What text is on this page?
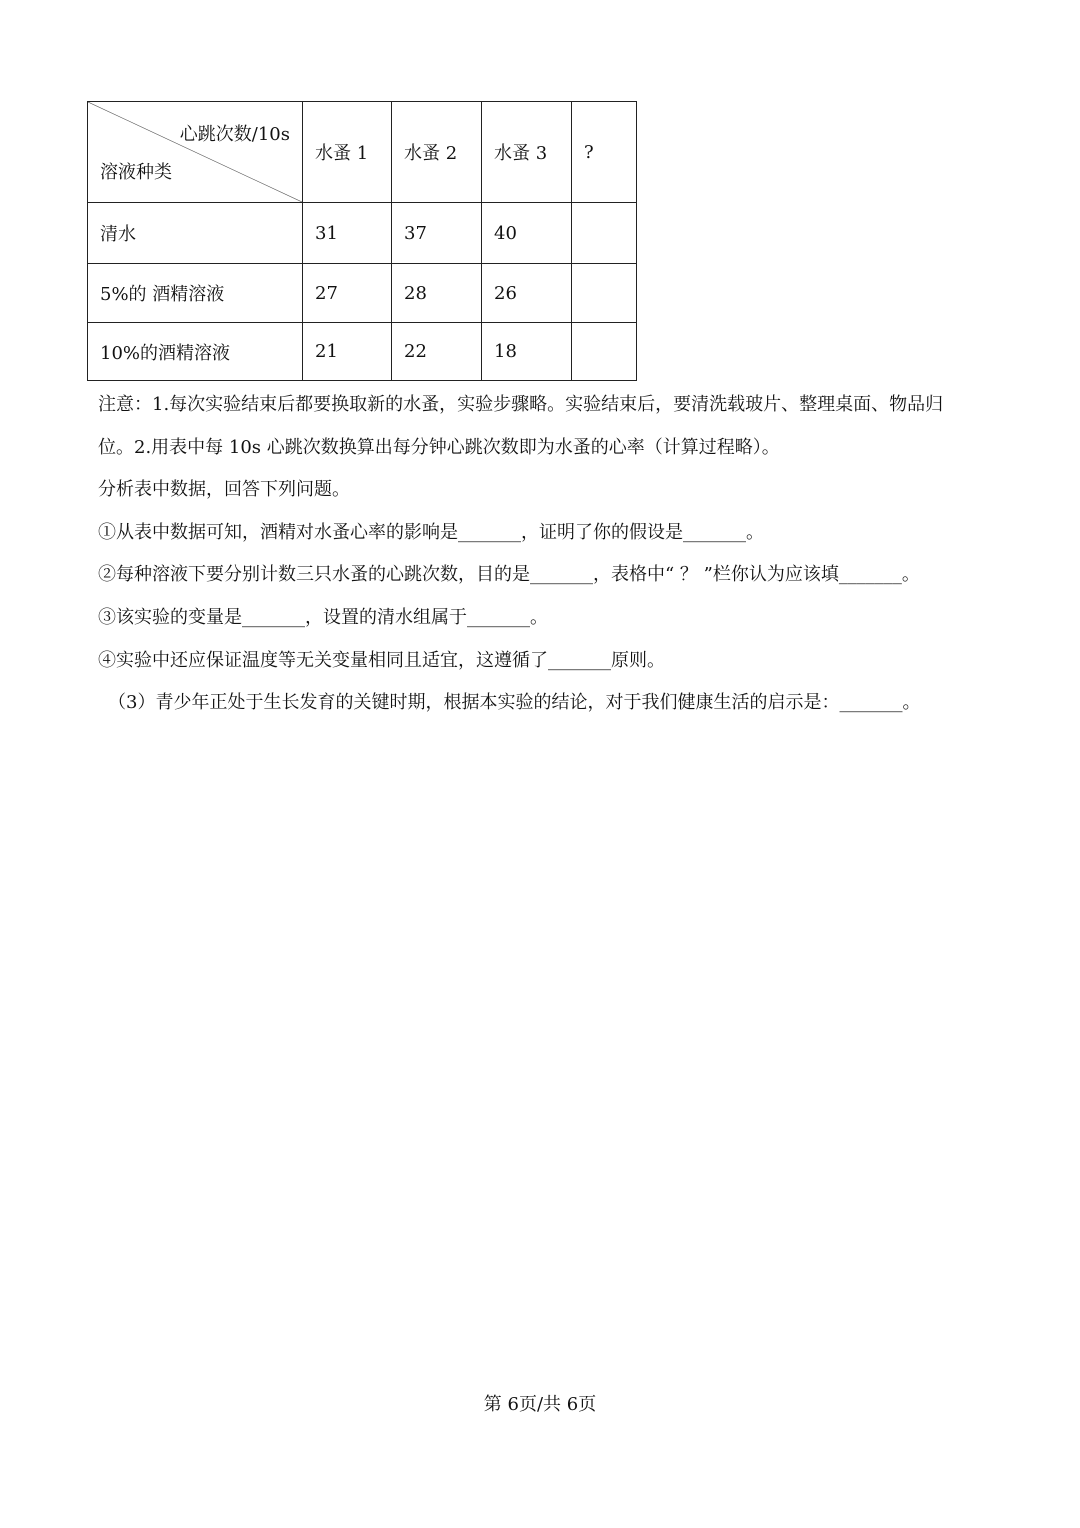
心跳次数/10s
溶液种类	水蚤 1	水蚤 2	水蚤 3	?
清水	31	37	40	
5%的 酒精溶液	27	28	26	
10%的酒精溶液	21	22	18	

注意：1.每次实验结束后都要换取新的水蚤，实验步骤略。实验结束后，要清洗载玻片、整理桌面、物品归

位。2.用表中每 10s 心跳次数换算出每分钟心跳次数即为水蚤的心率（计算过程略）。

分析表中数据，回答下列问题。

①从表中数据可知，酒精对水蚤心率的影响是_______，证明了你的假设是_______。

②每种溶液下要分别计数三只水蚤的心跳次数，目的是_______，表格中“ ？ ”栏你认为应该填_______。

③该实验的变量是_______，设置的清水组属于_______。

④实验中还应保证温度等无关变量相同且适宜，这遵循了_______原则。

（3）青少年正处于生长发育的关键时期，根据本实验的结论，对于我们健康生活的启示是：_______。

第 6页/共 6页
